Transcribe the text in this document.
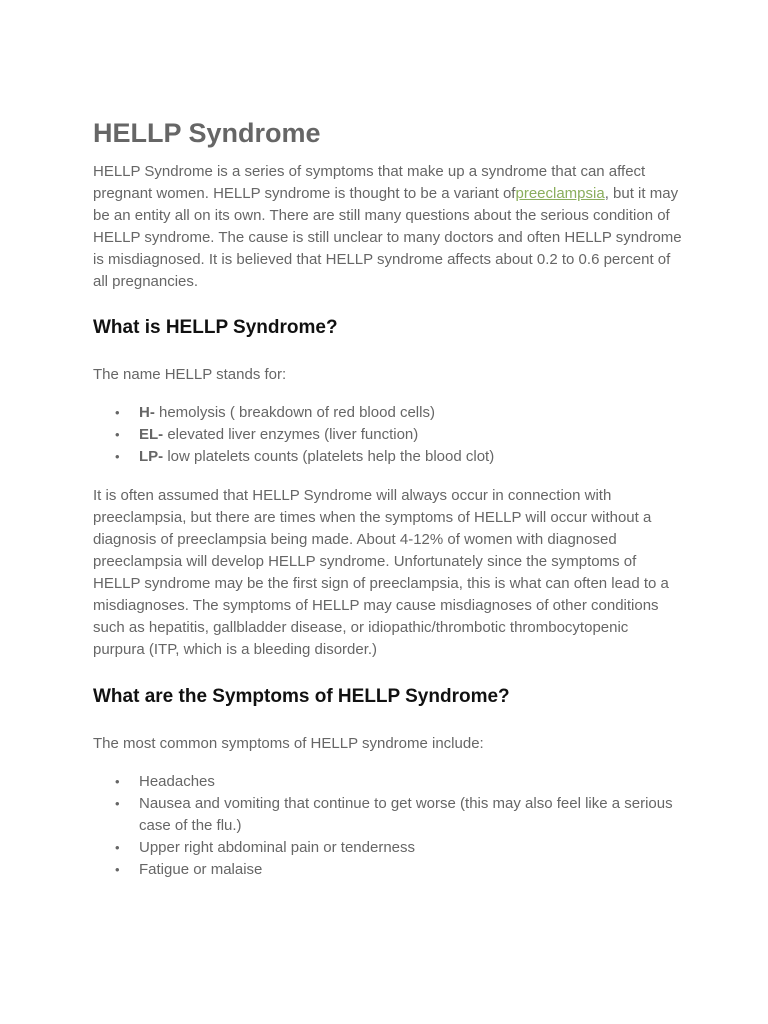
HELLP Syndrome

HELLP Syndrome is a series of symptoms that make up a syndrome that can affect pregnant women. HELLP syndrome is thought to be a variant ofpreeclampsia, but it may be an entity all on its own. There are still many questions about the serious condition of HELLP syndrome. The cause is still unclear to many doctors and often HELLP syndrome is misdiagnosed. It is believed that HELLP syndrome affects about 0.2 to 0.6 percent of all pregnancies.

What is HELLP Syndrome?

The name HELLP stands for:

• H- hemolysis ( breakdown of red blood cells)
• EL- elevated liver enzymes (liver function)
• LP- low platelets counts (platelets help the blood clot)

It is often assumed that HELLP Syndrome will always occur in connection with preeclampsia, but there are times when the symptoms of HELLP will occur without a diagnosis of preeclampsia being made. About 4-12% of women with diagnosed preeclampsia will develop HELLP syndrome. Unfortunately since the symptoms of HELLP syndrome may be the first sign of preeclampsia, this is what can often lead to a misdiagnoses. The symptoms of HELLP may cause misdiagnoses of other conditions such as hepatitis, gallbladder disease, or idiopathic/thrombotic thrombocytopenic purpura (ITP, which is a bleeding disorder.)

What are the Symptoms of HELLP Syndrome?

The most common symptoms of HELLP syndrome include:

• Headaches
• Nausea and vomiting that continue to get worse (this may also feel like a serious case of the flu.)
• Upper right abdominal pain or tenderness
• Fatigue or malaise
